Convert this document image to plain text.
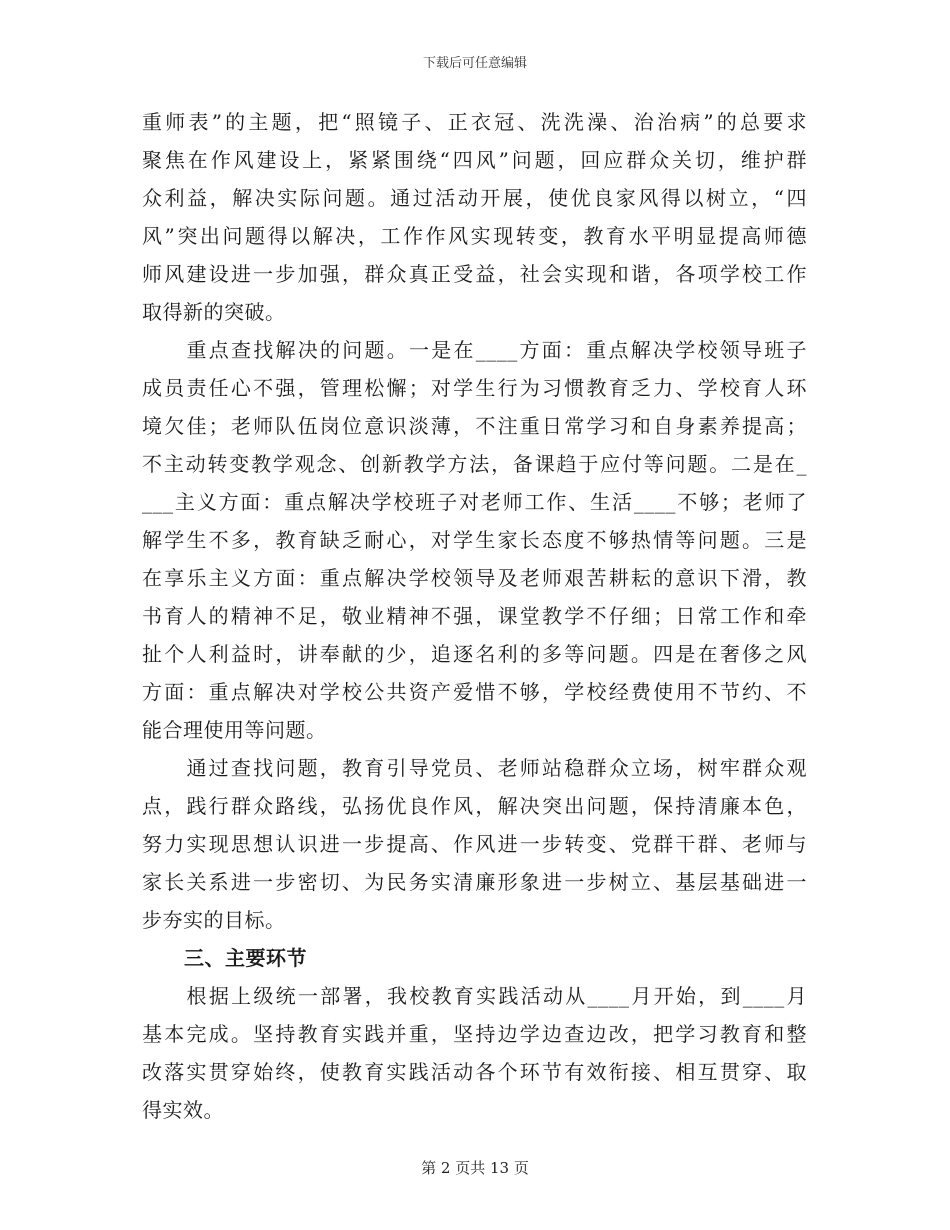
下载后可任意编辑
重师表”的主题，把“照镜子、正衣冠、洗洗澡、治治病”的总要求
聚焦在作风建设上，紧紧围绕“四风”问题，回应群众关切，维护群
众利益，解决实际问题。通过活动开展，使优良家风得以树立，“四
风”突出问题得以解决，工作作风实现转变，教育水平明显提高师德
师风建设进一步加强，群众真正受益，社会实现和谐，各项学校工作
取得新的突破。
　　重点查找解决的问题。一是在____方面：重点解决学校领导班子
成员责任心不强，管理松懈；对学生行为习惯教育乏力、学校育人环
境欠佳；老师队伍岗位意识淡薄，不注重日常学习和自身素养提高；
不主动转变教学观念、创新教学方法，备课趋于应付等问题。二是在_
___主义方面：重点解决学校班子对老师工作、生活____不够；老师了
解学生不多，教育缺乏耐心，对学生家长态度不够热情等问题。三是
在享乐主义方面：重点解决学校领导及老师艰苦耕耘的意识下滑，教
书育人的精神不足，敬业精神不强，课堂教学不仔细；日常工作和牵
扯个人利益时，讲奉献的少，追逐名利的多等问题。四是在奢侈之风
方面：重点解决对学校公共资产爱惜不够，学校经费使用不节约、不
能合理使用等问题。
　　通过查找问题，教育引导党员、老师站稳群众立场，树牢群众观
点，践行群众路线，弘扬优良作风，解决突出问题，保持清廉本色，
努力实现思想认识进一步提高、作风进一步转变、党群干群、老师与
家长关系进一步密切、为民务实清廉形象进一步树立、基层基础进一
步夯实的目标。
三、主要环节
　　根据上级统一部署，我校教育实践活动从____月开始，到____月
基本完成。坚持教育实践并重，坚持边学边查边改，把学习教育和整
改落实贯穿始终，使教育实践活动各个环节有效衔接、相互贯穿、取
得实效。
第 2 页共 13 页
